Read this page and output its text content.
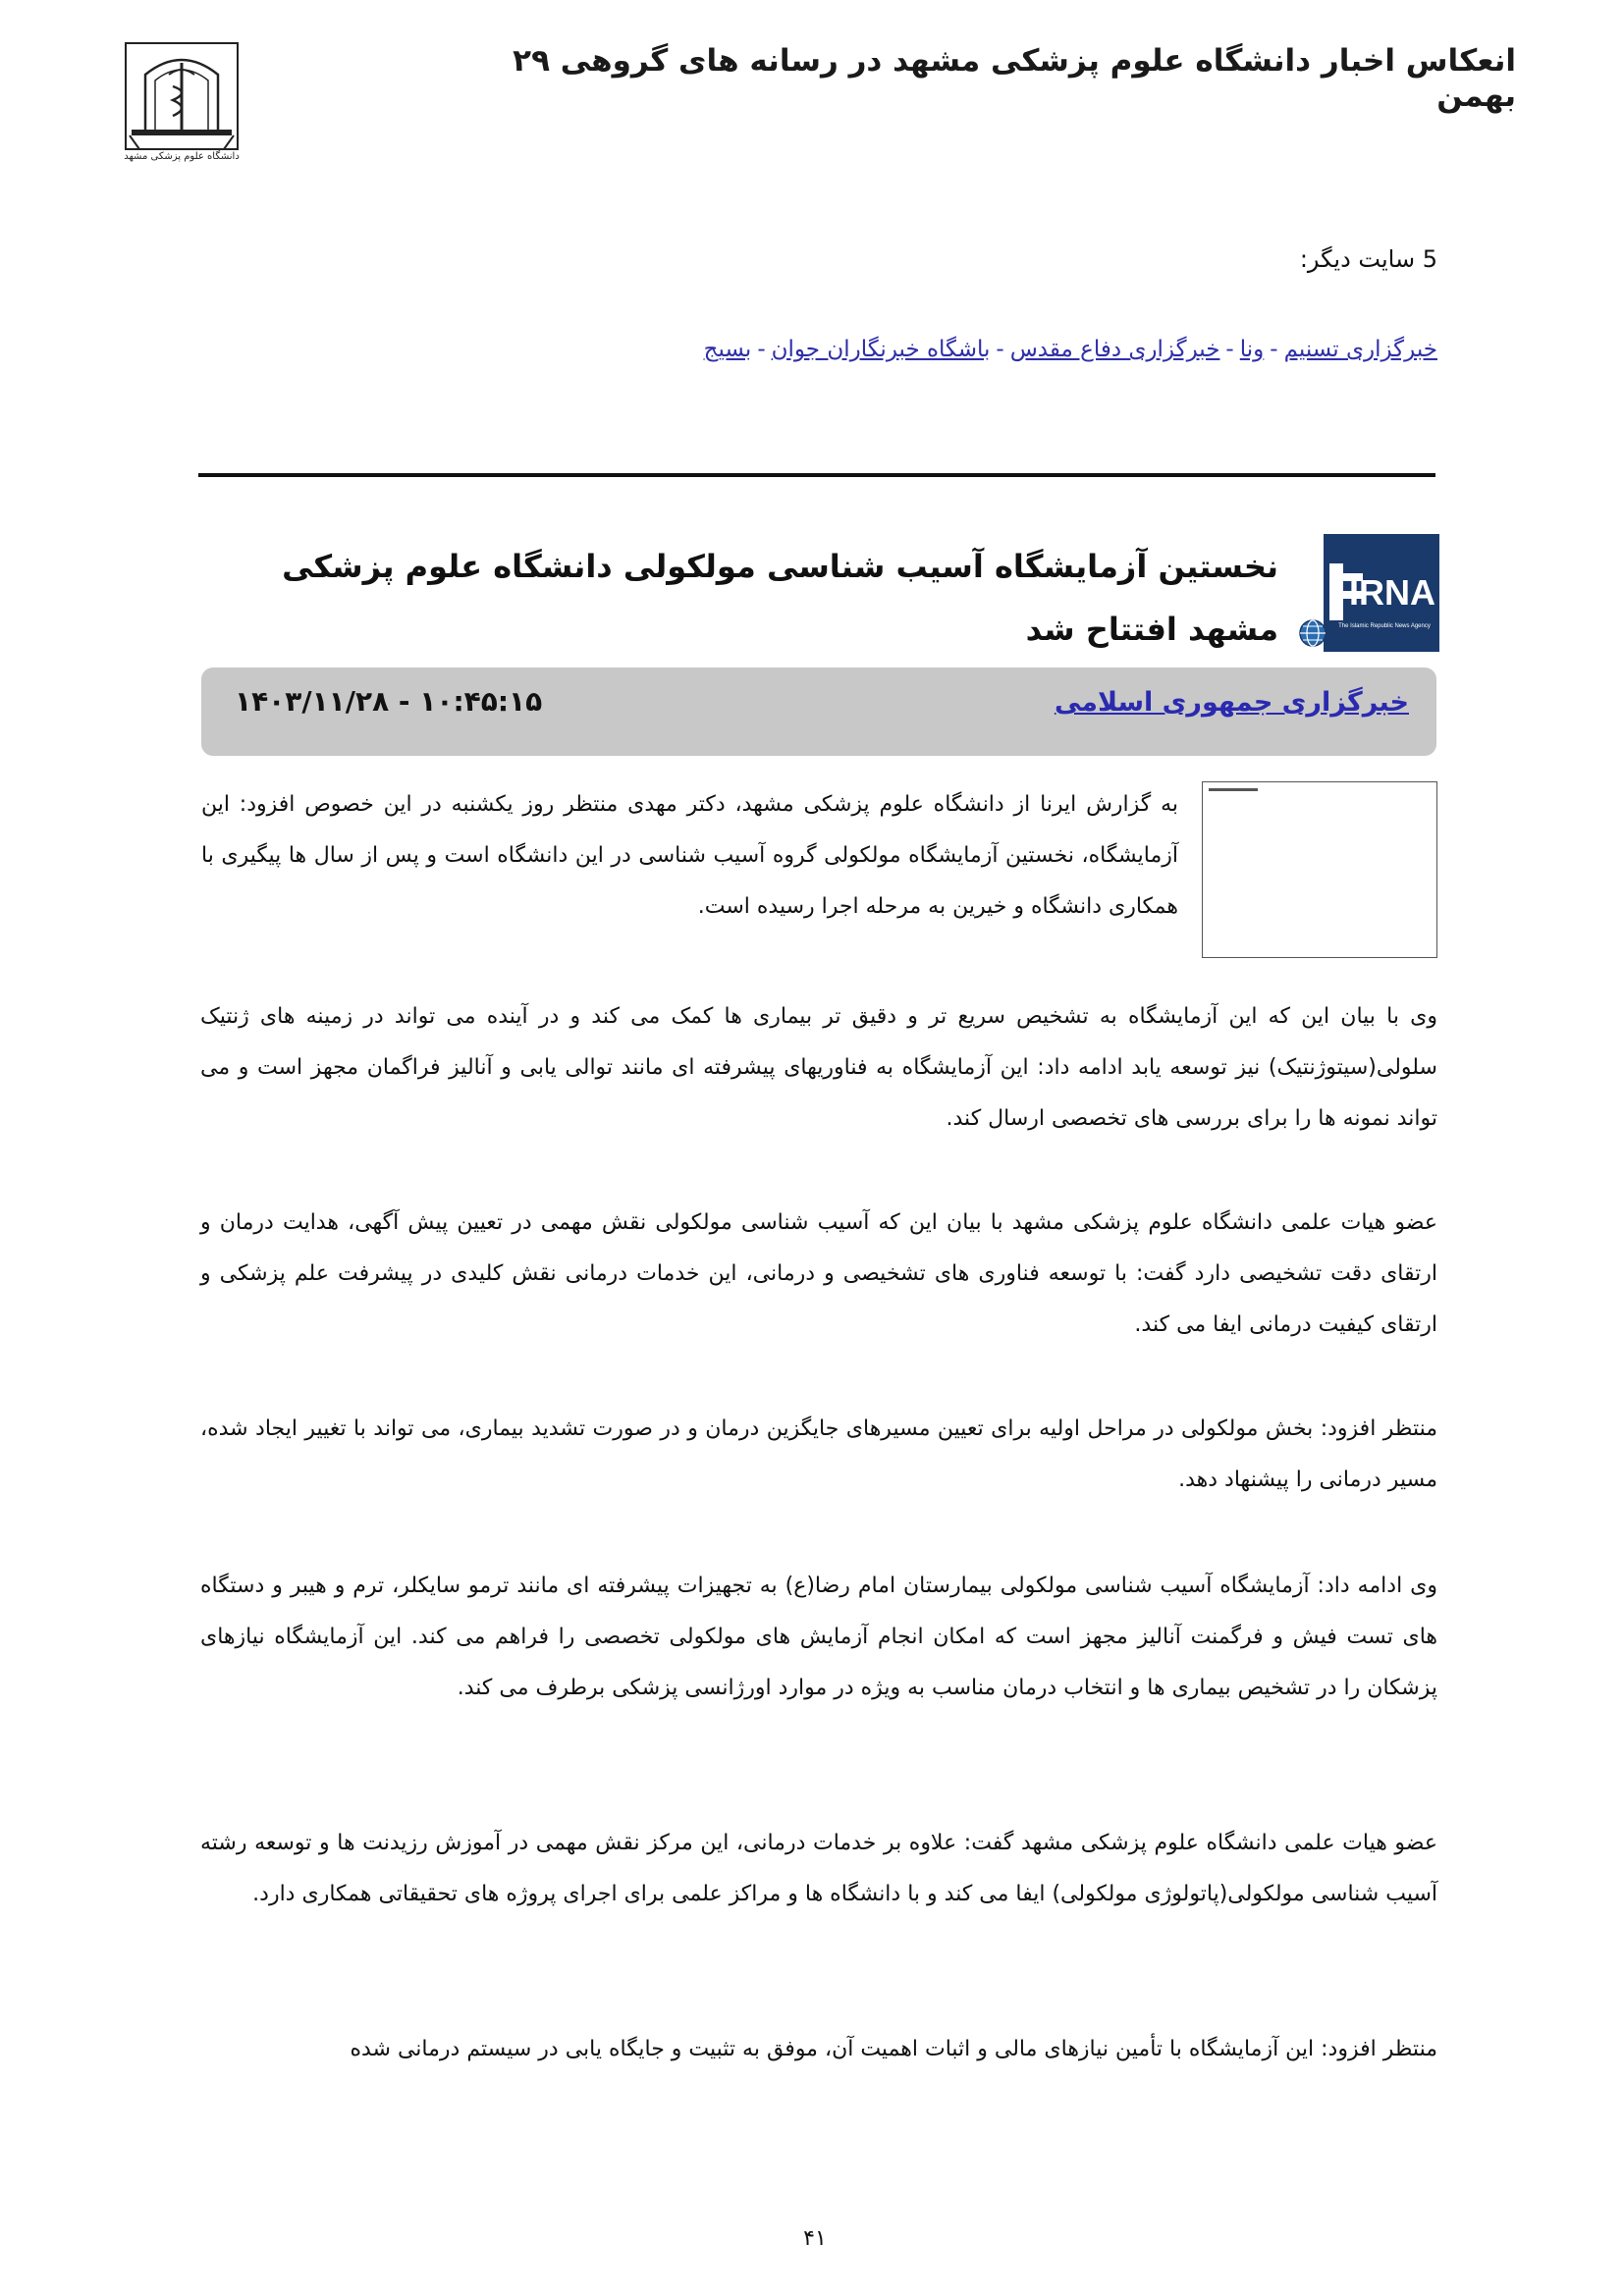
انعکاس اخبار دانشگاه علوم پزشکی مشهد در رسانه های گروهی ۲۹ بهمن
دانشگاه علوم پزشکی مشهد
5 سایت دیگر:
خبرگزاری تسنیم-ونا-خبرگزاری دفاع مقدس-باشگاه خبرنگاران جوان-بسیج
IRNA
The Islamic Republic News Agency
نخستین آزمایشگاه آسیب شناسی مولکولی دانشگاه علوم پزشکی مشهد افتتاح شد
خبرگزاری جمهوری اسلامی
۱۴۰۳/۱۱/۲۸ - ۱۰:۴۵:۱۵
به گزارش ایرنا از دانشگاه علوم پزشکی مشهد، دکتر مهدی منتظر روز یکشنبه در این خصوص افزود: این آزمایشگاه، نخستین آزمایشگاه مولکولی گروه آسیب شناسی در این دانشگاه است و پس از سال ها پیگیری با همکاری دانشگاه و خیرین به مرحله اجرا رسیده است.
وی با بیان این که این آزمایشگاه به تشخیص سریع تر و دقیق تر بیماری ها کمک می کند و در آینده می تواند در زمینه های ژنتیک سلولی(سیتوژنتیک) نیز توسعه یابد ادامه داد: این آزمایشگاه به فناوریهای پیشرفته ای مانند توالی یابی و آنالیز فراگمان مجهز است و می تواند نمونه ها را برای بررسی های تخصصی ارسال کند.
عضو هیات علمی دانشگاه علوم پزشکی مشهد با بیان این که آسیب شناسی مولکولی نقش مهمی در تعیین پیش آگهی، هدایت درمان و ارتقای دقت تشخیصی دارد گفت: با توسعه فناوری های تشخیصی و درمانی، این خدمات درمانی نقش کلیدی در پیشرفت علم پزشکی و ارتقای کیفیت درمانی ایفا می کند.
منتظر افزود: بخش مولکولی در مراحل اولیه برای تعیین مسیرهای جایگزین درمان و در صورت تشدید بیماری، می تواند با تغییر ایجاد شده، مسیر درمانی را پیشنهاد دهد.
وی ادامه داد: آزمایشگاه آسیب شناسی مولکولی بیمارستان امام رضا(ع) به تجهیزات پیشرفته ای مانند ترمو سایکلر، ترم و هیبر و دستگاه های تست فیش و فرگمنت آنالیز مجهز است که امکان انجام آزمایش های مولکولی تخصصی را فراهم می کند. این آزمایشگاه نیازهای پزشکان را در تشخیص بیماری ها و انتخاب درمان مناسب به ویژه در موارد اورژانسی پزشکی برطرف می کند.
عضو هیات علمی دانشگاه علوم پزشکی مشهد گفت: علاوه بر خدمات درمانی، این مرکز نقش مهمی در آموزش رزیدنت ها و توسعه رشته آسیب شناسی مولکولی(پاتولوژی مولکولی) ایفا می کند و با دانشگاه ها و مراکز علمی برای اجرای پروژه های تحقیقاتی همکاری دارد.
منتظر افزود: این آزمایشگاه با تأمین نیازهای مالی و اثبات اهمیت آن، موفق به تثبیت و جایگاه یابی در سیستم درمانی شده
۴۱
